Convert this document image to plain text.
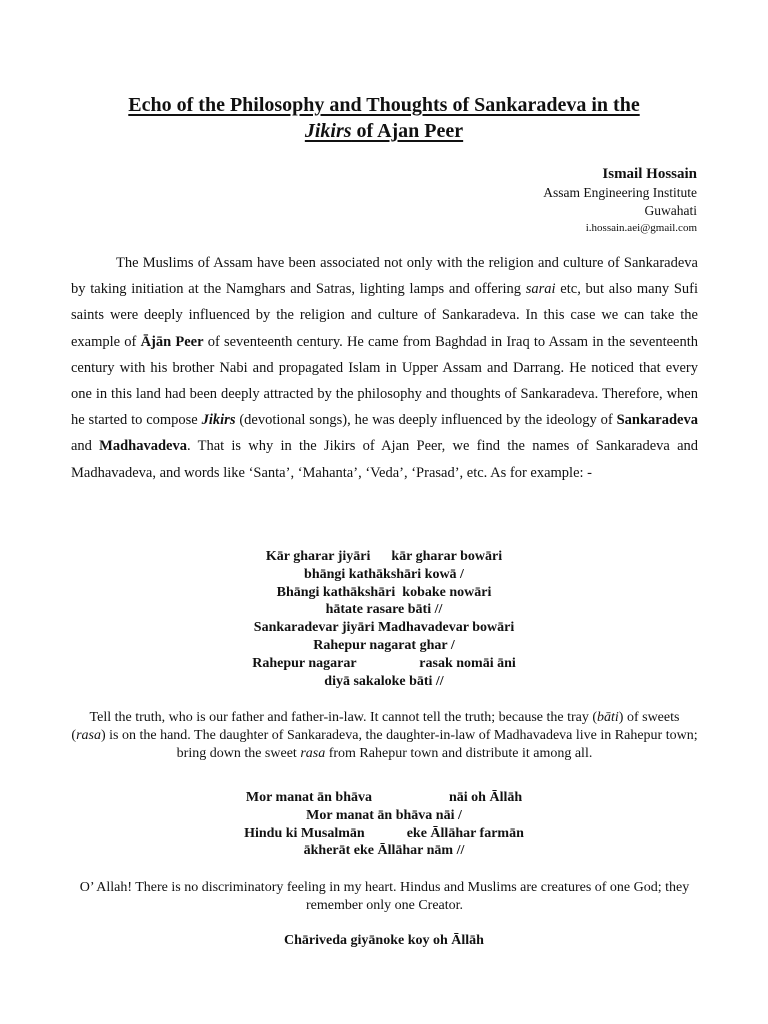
Echo of the Philosophy and Thoughts of Sankaradeva in the
Jikirs of Ajan Peer
Ismail Hossain
Assam Engineering Institute
Guwahati
i.hossain.aei@gmail.com

The Muslims of Assam have been associated not only with the religion and culture of Sankaradeva by taking initiation at the Namghars and Satras, lighting lamps and offering sarai etc, but also many Sufi saints were deeply influenced by the religion and culture of Sankaradeva. In this case we can take the example of Ājān Peer of seventeenth century. He came from Baghdad in Iraq to Assam in the seventeenth century with his brother Nabi and propagated Islam in Upper Assam and Darrang. He noticed that every one in this land had been deeply attracted by the philosophy and thoughts of Sankaradeva. Therefore, when he started to compose Jikirs (devotional songs), he was deeply influenced by the ideology of Sankaradeva and Madhavadeva. That is why in the Jikirs of Ajan Peer, we find the names of Sankaradeva and Madhavadeva, and words like ‘Santa’, ‘Mahanta’, ‘Veda’, ‘Prasad’, etc. As for example: -

Kār gharar jiyāri      kār gharar bowāri
bhāngi kathākshāri kowā /
Bhāngi kathākshāri  kobake nowāri
hātate rasare bāti //
Sankaradevar jiyāri Madhavadevar bowāri
Rahepur nagarat ghar /
Rahepur nagarar                  rasak nomāi āni
diyā sakaloke bāti //

Tell the truth, who is our father and father-in-law. It cannot tell the truth; because the tray (bāti) of sweets (rasa) is on the hand. The daughter of Sankaradeva, the daughter-in-law of Madhavadeva live in Rahepur town; bring down the sweet rasa from Rahepur town and distribute it among all.

Mor manat ān bhāva                      nāi oh Āllāh
Mor manat ān bhāva nāi /
Hindu ki Musalmān            eke Āllāhar farmān
ākherāt eke Āllāhar nām //

O’ Allah! There is no discriminatory feeling in my heart. Hindus and Muslims are creatures of one God; they remember only one Creator.

Chāriveda giyānoke koy oh Āllāh
